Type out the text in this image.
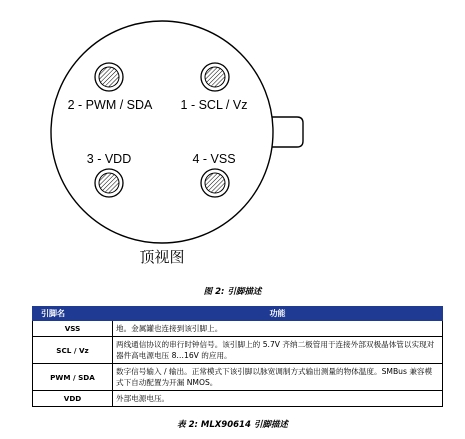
2 - PWM / SDA 1 - SCL / Vz
3 - VDD	4 - VSS
顶视图
图 2: 引脚描述
引脚名	功能
VSS	地。金属罐也连接到该引脚上。
SCL / Vz	两线通信协议的串行时钟信号。该引脚上的 5.7V 齐纳二极管用于连接外部双极晶体管以实现对器件高电源电压 8…16V 的应用。
PWM / SDA	数字信号输入 / 输出。正常模式下该引脚以脉宽调制方式输出测量的物体温度。SMBus 兼容模式下自动配置为开漏 NMOS。
VDD	外部电源电压。
表 2: MLX90614 引脚描述
